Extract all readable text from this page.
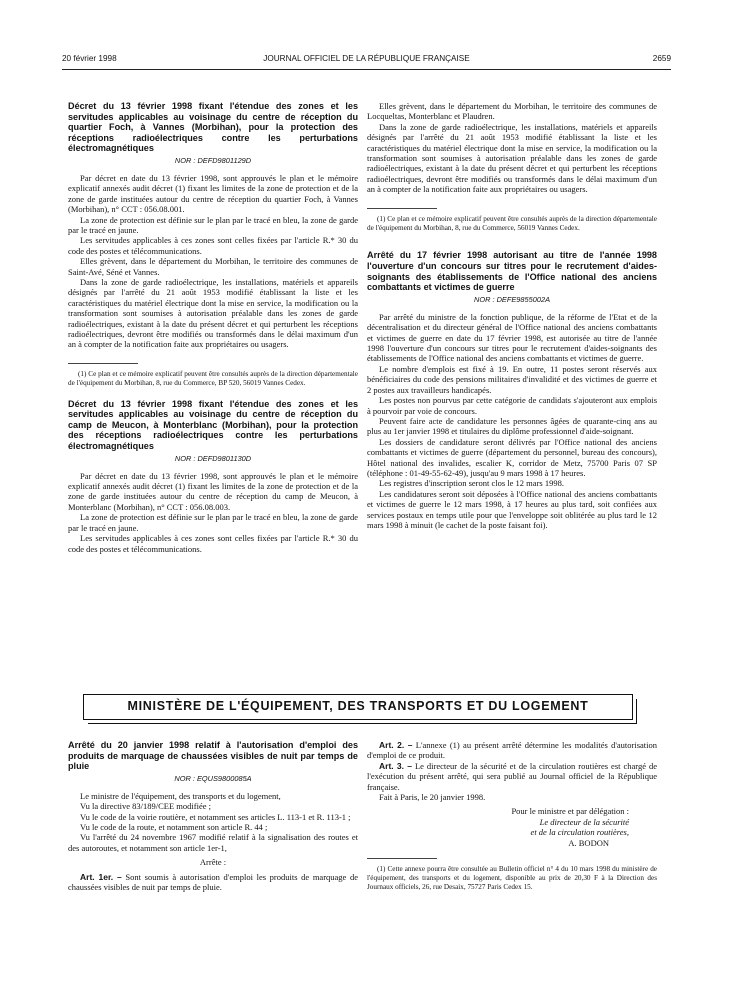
20 février 1998	JOURNAL OFFICIEL DE LA RÉPUBLIQUE FRANÇAISE	2659

Décret du 13 février 1998 fixant l'étendue des zones et les servitudes applicables au voisinage du centre de réception du quartier Foch, à Vannes (Morbihan), pour la protection des réceptions radioélectriques contre les perturbations électromagnétiques

NOR : DEFD9801129D

Par décret en date du 13 février 1998, sont approuvés le plan et le mémoire explicatif annexés audit décret (1) fixant les limites de la zone de protection et de la zone de garde instituées autour du centre de réception du quartier Foch, à Vannes (Morbihan), n° CCT : 056.08.001.

La zone de protection est définie sur le plan par le tracé en bleu, la zone de garde par le tracé en jaune.

Les servitudes applicables à ces zones sont celles fixées par l'article R.* 30 du code des postes et télécommunications.

Elles grèvent, dans le département du Morbihan, le territoire des communes de Saint-Avé, Séné et Vannes.

Dans la zone de garde radioélectrique, les installations, matériels et appareils désignés par l'arrêté du 21 août 1953 modifié établissant la liste et les caractéristiques du matériel électrique dont la mise en service, la modification ou la transformation sont soumises à autorisation préalable dans les zones de garde radioélectriques, existant à la date du présent décret et qui perturbent les réceptions radioélectriques, devront être modifiés ou transformés dans le délai maximum d'un an à compter de la notification faite aux propriétaires ou usagers.

(1) Ce plan et ce mémoire explicatif peuvent être consultés auprès de la direction départementale de l'équipement du Morbihan, 8, rue du Commerce, BP 520, 56019 Vannes Cedex.

Décret du 13 février 1998 fixant l'étendue des zones et les servitudes applicables au voisinage du centre de réception du camp de Meucon, à Monterblanc (Morbihan), pour la protection des réceptions radioélectriques contre les perturbations électromagnétiques

NOR : DEFD9801130D

Par décret en date du 13 février 1998, sont approuvés le plan et le mémoire explicatif annexés audit décret (1) fixant les limites de la zone de protection et de la zone de garde instituées autour du centre de réception du camp de Meucon, à Monterblanc (Morbihan), n° CCT : 056.08.003.

La zone de protection est définie sur le plan par le tracé en bleu, la zone de garde par le tracé en jaune.

Les servitudes applicables à ces zones sont celles fixées par l'article R.* 30 du code des postes et télécommunications.

Elles grèvent, dans le département du Morbihan, le territoire des communes de Locqueltas, Monterblanc et Plaudren.

Dans la zone de garde radioélectrique, les installations, matériels et appareils désignés par l'arrêté du 21 août 1953 modifié établissant la liste et les caractéristiques du matériel électrique dont la mise en service, la modification ou la transformation sont soumises à autorisation préalable dans les zones de garde radioélectriques, existant à la date du présent décret et qui perturbent les réceptions radioélectriques, devront être modifiés ou transformés dans le délai maximum d'un an à compter de la notification faite aux propriétaires ou usagers.

(1) Ce plan et ce mémoire explicatif peuvent être consultés auprès de la direction départementale de l'équipement du Morbihan, 8, rue du Commerce, 56019 Vannes Cedex.

Arrêté du 17 février 1998 autorisant au titre de l'année 1998 l'ouverture d'un concours sur titres pour le recrutement d'aides-soignants des établissements de l'Office national des anciens combattants et victimes de guerre

NOR : DEFE9855002A

Par arrêté du ministre de la fonction publique, de la réforme de l'Etat et de la décentralisation et du directeur général de l'Office national des anciens combattants et victimes de guerre en date du 17 février 1998, est autorisée au titre de l'année 1998 l'ouverture d'un concours sur titres pour le recrutement d'aides-soignants des établissements de l'Office national des anciens combattants et victimes de guerre.

Le nombre d'emplois est fixé à 19. En outre, 11 postes seront réservés aux bénéficiaires du code des pensions militaires d'invalidité et des victimes de guerre et 2 postes aux travailleurs handicapés.

Les postes non pourvus par cette catégorie de candidats s'ajouteront aux emplois à pourvoir par voie de concours.

Peuvent faire acte de candidature les personnes âgées de quarante-cinq ans au plus au 1er janvier 1998 et titulaires du diplôme professionnel d'aide-soignant.

Les dossiers de candidature seront délivrés par l'Office national des anciens combattants et victimes de guerre (département du personnel, bureau des concours), Hôtel national des invalides, escalier K, corridor de Metz, 75700 Paris 07 SP (téléphone : 01-49-55-62-49), jusqu'au 9 mars 1998 à 17 heures.

Les registres d'inscription seront clos le 12 mars 1998.

Les candidatures seront soit déposées à l'Office national des anciens combattants et victimes de guerre le 12 mars 1998, à 17 heures au plus tard, soit confiées aux services postaux en temps utile pour que l'enveloppe soit oblitérée au plus tard le 12 mars 1998 à minuit (le cachet de la poste faisant foi).

MINISTÈRE DE L'ÉQUIPEMENT, DES TRANSPORTS ET DU LOGEMENT

Arrêté du 20 janvier 1998 relatif à l'autorisation d'emploi des produits de marquage de chaussées visibles de nuit par temps de pluie

NOR : EQUS9800085A

Le ministre de l'équipement, des transports et du logement,

Vu la directive 83/189/CEE modifiée ;

Vu le code de la voirie routière, et notamment ses articles L. 113-1 et R. 113-1 ;

Vu le code de la route, et notamment son article R. 44 ;

Vu l'arrêté du 24 novembre 1967 modifié relatif à la signalisation des routes et des autoroutes, et notamment son article 1er-1,

Arrête :

Art. 1er. – Sont soumis à autorisation d'emploi les produits de marquage de chaussées visibles de nuit par temps de pluie.

Art. 2. – L'annexe (1) au présent arrêté détermine les modalités d'autorisation d'emploi de ce produit.

Art. 3. – Le directeur de la sécurité et de la circulation routières est chargé de l'exécution du présent arrêté, qui sera publié au Journal officiel de la République française.

Fait à Paris, le 20 janvier 1998.

Pour le ministre et par délégation :

Le directeur de la sécurité

et de la circulation routières,

A. BODON

(1) Cette annexe pourra être consultée au Bulletin officiel n° 4 du 10 mars 1998 du ministère de l'équipement, des transports et du logement, disponible au prix de 20,30 F à la Direction des Journaux officiels, 26, rue Desaix, 75727 Paris Cedex 15.
